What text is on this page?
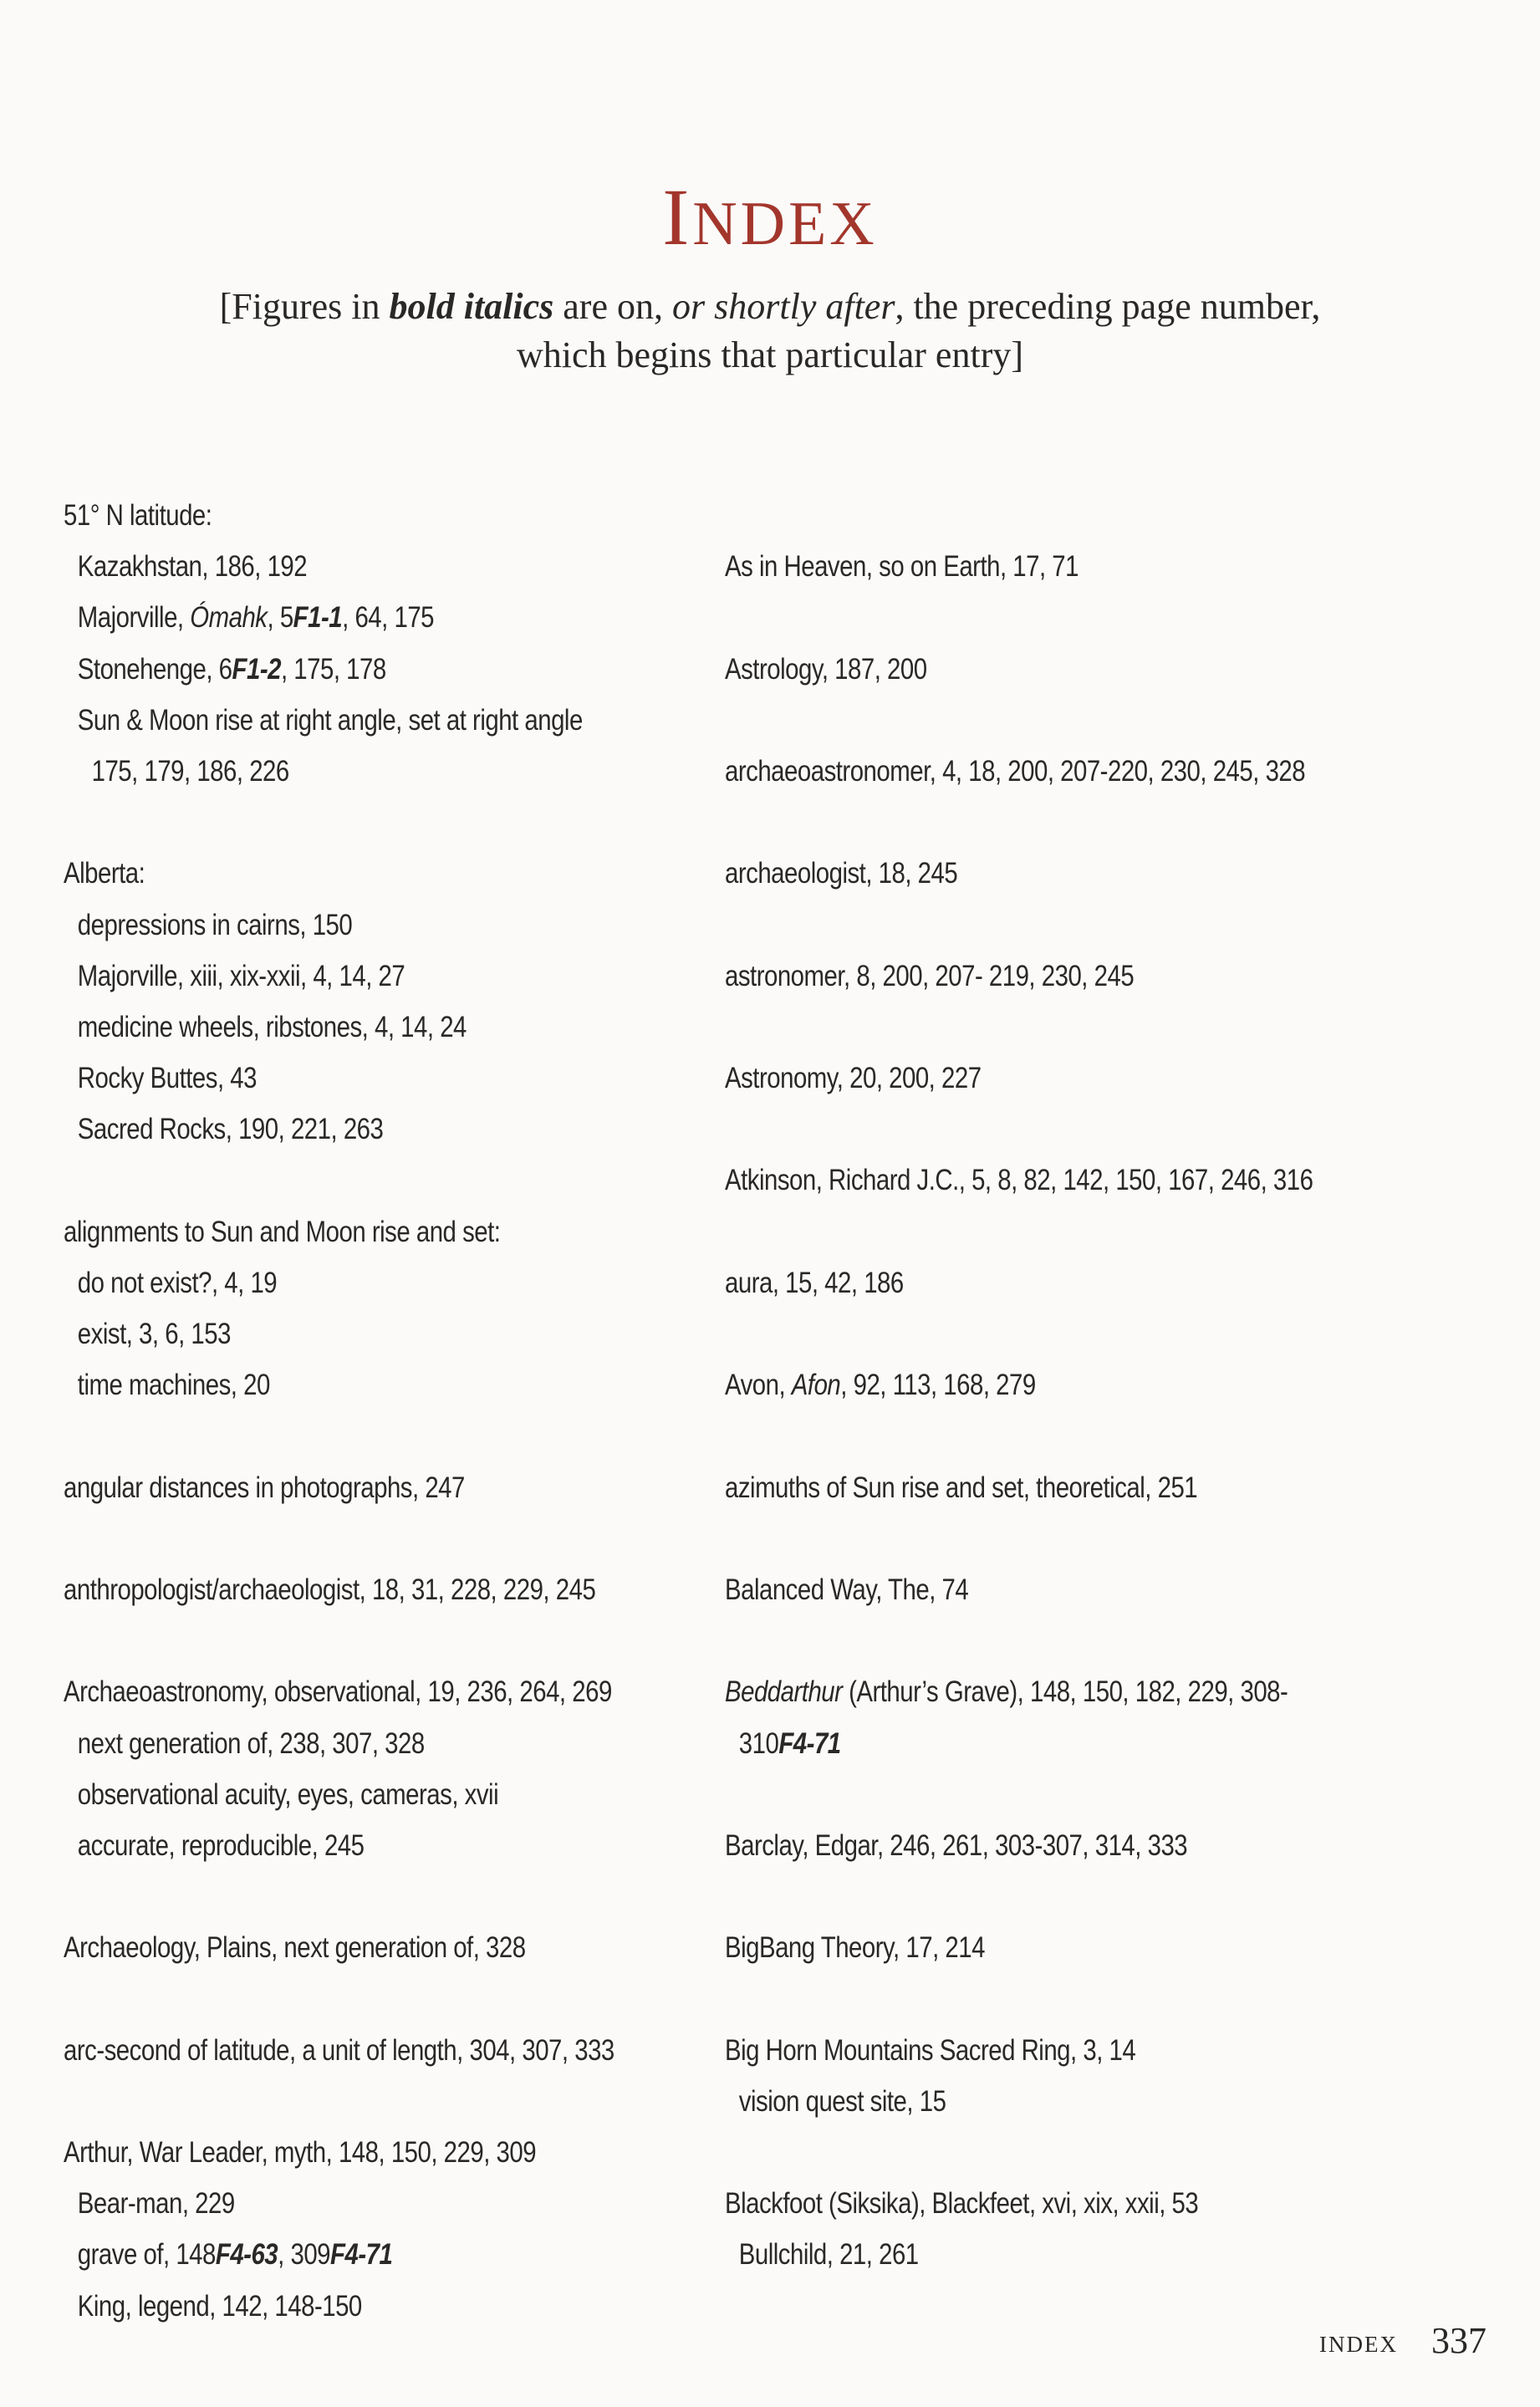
INDEX
[Figures in bold italics are on, or shortly after, the preceding page number,
which begins that particular entry]
51° N latitude:
Kazakhstan, 186, 192
Majorville, Ómahk, 5F1-1, 64, 175
Stonehenge, 6F1-2, 175, 178
Sun & Moon rise at right angle, set at right angle
175, 179, 186, 226
Alberta:
depressions in cairns, 150
Majorville, xiii, xix-xxii, 4, 14, 27
medicine wheels, ribstones, 4, 14, 24
Rocky Buttes, 43
Sacred Rocks, 190, 221, 263
alignments to Sun and Moon rise and set:
do not exist?, 4, 19
exist, 3, 6, 153
time machines, 20
angular distances in photographs, 247
anthropologist/archaeologist, 18, 31, 228, 229, 245
Archaeoastronomy, observational, 19, 236, 264, 269
next generation of, 238, 307, 328
observational acuity, eyes, cameras, xvii
accurate, reproducible, 245
Archaeology, Plains, next generation of, 328
arc-second of latitude, a unit of length, 304, 307, 333
Arthur, War Leader, myth, 148, 150, 229, 309
Bear-man, 229
grave of, 148F4-63, 309F4-71
King, legend, 142, 148-150
As in Heaven, so on Earth, 17, 71
Astrology, 187, 200
archaeoastronomer, 4, 18, 200, 207-220, 230, 245, 328
archaeologist, 18, 245
astronomer, 8, 200, 207- 219, 230, 245
Astronomy, 20, 200, 227
Atkinson, Richard J.C., 5, 8, 82, 142, 150, 167, 246, 316
aura, 15, 42, 186
Avon, Afon, 92, 113, 168, 279
azimuths of Sun rise and set, theoretical, 251
Balanced Way, The, 74
Beddarthur (Arthur’s Grave), 148, 150, 182, 229, 308-
310F4-71
Barclay, Edgar, 246, 261, 303-307, 314, 333
BigBang Theory, 17, 214
Big Horn Mountains Sacred Ring, 3, 14
vision quest site, 15
Blackfoot (Siksika), Blackfeet, xvi, xix, xxii, 53
Bullchild, 21, 261
INDEX 337
